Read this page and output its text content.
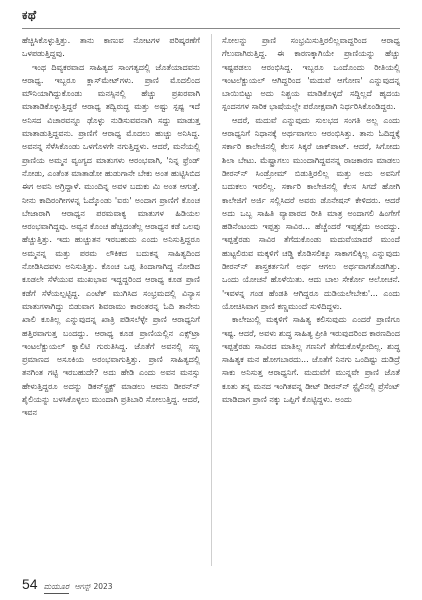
ಕಥೆ

ಹೆಚ್ಚಿಸಿಕೊಳ್ಳುತ್ತಿತ್ತು. ತಾನು ಕಾಣುವ ನೋಟಗಳ ಪರಿಷ್ಕರಣೆಗೆ ಒಳಪಡುತ್ತಿದ್ದವು.

ಇಂಥ ದಿವ್ಯಕರವಾದ ಸಾಹಿತ್ಯದ ಸಾಂಗತ್ಯದಲ್ಲಿ ಜೊತೆಯಾದವನು ಆರಾಧ್ಯ. ಇಬ್ಬರೂ ಕ್ಲಾಸ್‌ಮೇಟ್‌ಗಳು. ಪ್ರಾಣಿ ಮೊದಲಿಂದ ಮೌನಿಯಾಗಿದ್ದುಕೊಂಡು ಮನಸ್ಸಿನಲ್ಲಿ ಹೆಚ್ಚು ಪ್ರಖರವಾಗಿ ಮಾತಾಡಿಕೊಳ್ಳುತ್ತಿದ್ದರೆ ಆರಾಧ್ಯ ತದ್ವಿರುದ್ಧ ಮತ್ತು ಅಷ್ಟು ಸ್ಪಷ್ಟ ಇದೆ ಅನಿಸದ ವಿಚಾರವನ್ನೂ ಢೊಳ್ಳು ನುಡಿಸುವವನಾಗಿ ಸದ್ದು ಮಾಡುತ್ತ ಮಾತಾಡುತ್ತಿದ್ದವನು. ಪ್ರಾಣಿಗೆ ಆರಾಧ್ಯ ಮೊದಲು ಹುಚ್ಚು ಅನಿಸಿದ್ದ. ಅವನನ್ನ ಸೆಳೆಸಿಕೊಂಡು ಒಳಗೊಳಗೇ ನಗುತ್ತಿದ್ದಳು. ಆದರೆ, ಮನೆಯಲ್ಲಿ ಪ್ರಾಣಿಯ ಅಮ್ಮನ ವ್ಯಂಗ್ಯದ ಮಾತುಗಳು ಆರಂಭವಾಗಿ, 'ನಿನ್ನ ಫ್ರೆಂಡ್ ನೋಡು, ಎಂತೆಂತ ಮಾತಾಡೋ ಹುಡುಗಾನೇ ಬೇಕು ಅಂತ ಹುಟ್ಟಿಸಿಬಿದ ಈಗ ಅವನಿ ಅಗ್ರಿದ್ದಾಳೆ. ಮುಂದಿನ್ನ ಅವಳ ಬದುಕು ಮಿ ಅಂತ ಆಗುತ್ತೆ. ನೀನು ಕಾದಿರಂಗೀಗಳನ್ನ ಓದ್ಕೊಂಡು 'ಐರು' ಅಂದಾಗ ಪ್ರಾಣಿಗೆ ಕೊಂಚ ಬೇಜಾರಾಗಿ ಆರಾಧ್ಯನ ಪರಮವಾಕ್ಯ ಮಾತುಗಳ ಹಿಡಿಯಲ ಆರಂಭವಾಗಿದ್ದವು. ಅವ್ವನ ಕೊಂಚ ಹೆಚ್ಚಿದಂತೆಲ್ಲ ಆರಾಧ್ಯನ ಕಡೆ ಒಲವು ಹೆಚ್ಚುತ್ತಿತ್ತು. ಇದು ಹುಚ್ಚುತನ ಇರಬಹುದು ಎಂದು ಅನಿಸುತ್ತಿದ್ದರೂ ಅಮ್ಮನನ್ನ ಮತ್ತು ಪರಮ ಲೌಕಿಕದ ಬದುಕನ್ನ ಸಾಹಿತ್ಯದಿಂದ ನೋಡಿಸಿದವಳು ಅನಿಸುತ್ತಿತ್ತು. ಕೊಂಚ ಒಪ್ಪ ತಿಂದಾಗಾಗಿದ್ದ ನೋಡಿದ ಕೂಡಲೇ ಸೆಳೆಯುವ ಮುಖಭಾವ ಇದ್ದದ್ದರಿಂದ ಆರಾಧ್ಯ ಕೂಡ ಪ್ರಾಣಿ ಕಡೆಗೆ ಸೆಳೆಯಲ್ಪಟ್ಟಿದ್ದ. ಎಂಟೆಕ್ ಮುಗಿಸಿದ ಸಂಭ್ರಮದಲ್ಲಿ ವಿನ್ಯಾಸ ಮಾತುಗಳಾಗಿದ್ದು ಬಿಡುವಾಗ ಶಿವರಾಮು ಕಾರಂತರನ್ನ ಓದಿ ತಾನೇನು ಖಾಲಿ ಕೂತಿಲ್ಲ ಎನ್ನುವುದನ್ನ ಖಾತ್ರಿ ಪಡಿಸಲೆಳ್ಳೇ ಪ್ರಾಣಿ ಆರಾಧ್ಯನಿಗೆ ಹತ್ತಿರವಾಗುತ್ತ ಬಂದದ್ದು. ಆರಾಧ್ಯ ಕೂಡ ಪ್ರಾಣಿಯಲ್ಲಿನ ಎಕ್ಸ್‌ಟ್ರಾ ಇಂಟಲೆಕ್ಚುಯಲ್ ಕ್ವಾಲಿಟಿ ಗುರುತಿಸಿದ್ದ. ಜೊತೆಗೆ ಅವನಲ್ಲಿ ಸಣ್ಣ ಪ್ರಮಾಣದ ಅಸೂಕಿಯ ಅರಂಭವಾಗುತ್ತಿತ್ತು. ಪ್ರಾಣಿ ಸಾಹಿತ್ಯದಲ್ಲಿ ತನಗಿಂತ ಗಟ್ಟಿ ಇರಬಹುದೇ? ಅದು ಹೇಡಿ ಎಂದು ಅವನ ಮನಸ್ಸು ಹೇಳುತ್ತಿದ್ದರೂ ಅದನ್ನು ಡಿಕನ್‌ಸ್ಟ್ರಕ್ಟ್ ಮಾಡಲು ಆವನು ಡೀರನ್‌ನ್ ಶೈಲಿಯನ್ನು ಬಳಸಿಕೊಳ್ಳಲು ಮುಂದಾಗಿ ಪ್ರತಿಬಾರಿ ಸೋಲುತ್ತಿದ್ದ. ಆದರೆ, ಇವನ

ಸೋಲನ್ನು ಪ್ರಾಣಿ ಸಂಭ್ರಮಿಸುತ್ತಿರಲಿಲ್ಲವಾದ್ದರಿಂದ ಆರಾಧ್ಯ ಗೆಲುವಾಗಿರುತ್ತಿದ್ದ. ಈ ಕಾರಣಕ್ಕಾಗಿಯೇ ಪ್ರಾಣಿಯನ್ನು ಹೆಚ್ಚು ಇಷ್ಟಪಡಲು ಆರಂಭಿಸಿದ್ದ. ಇಬ್ಬರೂ ಒಂದೊಂದು ರೀತಿಯಲ್ಲಿ ಇಂಟಲೆಕ್ಚುಯಲ್ ಆಗಿದ್ದರಿಂದ 'ಮದುವೆ ಆಗೋಣ' ಎನ್ನುವುದನ್ನ ಬಾಯಿಬಿಟ್ಟು ಅದು ನಿಶ್ಚಯ ಮಾಡಿಕೊಳ್ಳದೆ ಸದ್ದಿಲ್ಲದೆ ಹೃದಯ ಸ್ಪಂದನಗಳ ಸಾರಿಕ ಭಾಷೆಯಲ್ಲೇ ಪರೋಕ್ಷವಾಗಿ ನಿರ್ಧರಿಸಿಕೊಂಡಿದ್ದರು.

ಆದರೆ, ಮದುವೆ ಎನ್ನುವುದು ಸುಲಭದ ಸಂಗತಿ ಅಲ್ಲ ಎಂದು ಆರಾಧ್ಯನಿಗೆ ನಿಧಾನಕ್ಕೆ ಅರ್ಥವಾಗಲು ಆರಂಭಿಸಿತ್ತು. ತಾನು ಓದಿದ್ದಕ್ಕೆ ಸರ್ಕಾರಿ ಕಾಲೇಜಿನಲ್ಲಿ ಕೆಲಸ ಸಿಕ್ಕರೆ ಜಾಕ್‌ಪಾಟ್. ಆದರೆ, ಸಿಗೋದು ಶಿಲಾ ಬೇಟು. ಮೆಷ್ಟ್ರಾಗಲು ಮುಂದಾಗಿದ್ದವನನ್ನ ರಾಜಕಾರಣ ಮಾಡಲು ಡೀರನ್‌ನ್ ಸಿಂಡ್ರೋಮ್ ಬಿಡುತ್ತಿರಲಿಲ್ಲ ಮತ್ತು ಅದು ಅವನಿಗೆ ಬದುಕಲು ಇರಲಿಲ್ಲ. ಸರ್ಕಾರಿ ಕಾಲೇಜಿನಲ್ಲಿ ಕೆಲಸ ಸಿಗದೆ ಹೋಗಿ ಕಾಲೇಜಿಗೆ ಅರ್ಜಿ ಸಲ್ಲಿಸಿದರೆ ಅವರು ಡೊನೇಷನ್ ಕೇಳಿದರು. ಆದರೆ ಅದು ಒಬ್ಬ ಸಾಹಿತಿ ವ್ಯಾಪಾರದ ರೀತಿ ಮಾತ್ರ ಅಂದಾಗಲಿ ಹಿಂಗೇಗೆ ಹಡಿನೆಂಟಂದು ಇಪ್ಪತ್ತು ಸಾವಿರ... ಹೆಚ್ಚೆಂದರೆ ಇಪ್ಪತ್ತೈದು ಅಂದದ್ದು. ಇಪ್ಪತ್ತೆರಡು ಸಾವಿರ ತೆಗೆದುಕೊಂಡು ಮದುವೆಯಾದರೆ ಮುಂದೆ ಹುಟ್ಟಲಿರುವ ಮಕ್ಕಳಿಗೆ ಚಡ್ಡಿ ಕೊಡಿಸಲಿಕ್ಕೂ ಸಾಕಾಗಲಿಕ್ಕಿಲ್ಲ ಎನ್ನುವುದು ಡೀರನ್‌ನ್ ಶಾಸ್ತ್ರಕರ್ತನಿಗೆ ಅರ್ಥ ಆಗಲು ಅರ್ಥವಾಗತೊಡಗಿತ್ತು. ಒಂದು ಯೋಚನೆ ಹೊಳೆಯಿತು. ಆದು ಬಾಲ ಸೇರ್ಕೋ ಆಲೋಚನೆ. 'ಇವಳನ್ನ ಗಂಡ ಹೆಂಡತಿ ಆಗಿದ್ದರೂ ದುಡಿಯಲೇಬೇಕು'... ಎಂದು ಯೋಚಿಸಿವಾಗ ಪ್ರಾಣಿ ಕಣ್ಣಮುಂದೆ ಸುಳಿದಿದ್ದಳು.

ಕಾಲೇಜುಲ್ಲಿ ಮಕ್ಕಳಿಗೆ ಸಾಹಿತ್ಯ ಕಲಿಸುವುದು ಎಂದರೆ ಪ್ರಾಣಿಗೂ ಇಷ್ಟ. ಆದರೆ, ಅವಳು ಶುದ್ಧ ಸಾಹಿತ್ಯ ಪ್ರೀತಿ ಇರುವುದರಿಂದ ಕಾರಣದಿಂದ ಇಪ್ಪತ್ತೆರಡು ಸಾವಿರದ ಮಾತಿಲ್ಲ ಗಣನಿಗೆ ತೆಗೆದುಕೊಳ್ಳೋದಿಲ್ಲ. ಶುದ್ಧ ಸಾಹಿತ್ಯಕ ಮನ ಹೋಗಬಾರದು... ಜೊತೆಗೆ ನಿನಗು ಒಂದಿಷ್ಟು ದುಡಿದ್ರೆ ಸಾಕು ಅನಿಸುತ್ತ ಆರಾಧ್ಯನಿಗೆ. ಮದುವೆಗೆ ಮುನ್ನವೇ ಪ್ರಾಣಿ ಜೊತೆ ಕೂತು ತನ್ನ ಮನದ ಇಂಗಿತವನ್ನ ಡೀಟ್ ಡೀರನ್‌ನ್ ಸ್ಟೈಲಿನಲ್ಲಿ ಪ್ರೆಸೆಂಟ್ ಮಾಡಿದಾಗ ಪ್ರಾಣಿ ನಕ್ಕು ಒಪ್ಪಿಗೆ ಕೊಟ್ಟಿದ್ದಳು. ಅಂದು

54 ಮಯೂರ ಆಗಸ್ಟ್ 2023
